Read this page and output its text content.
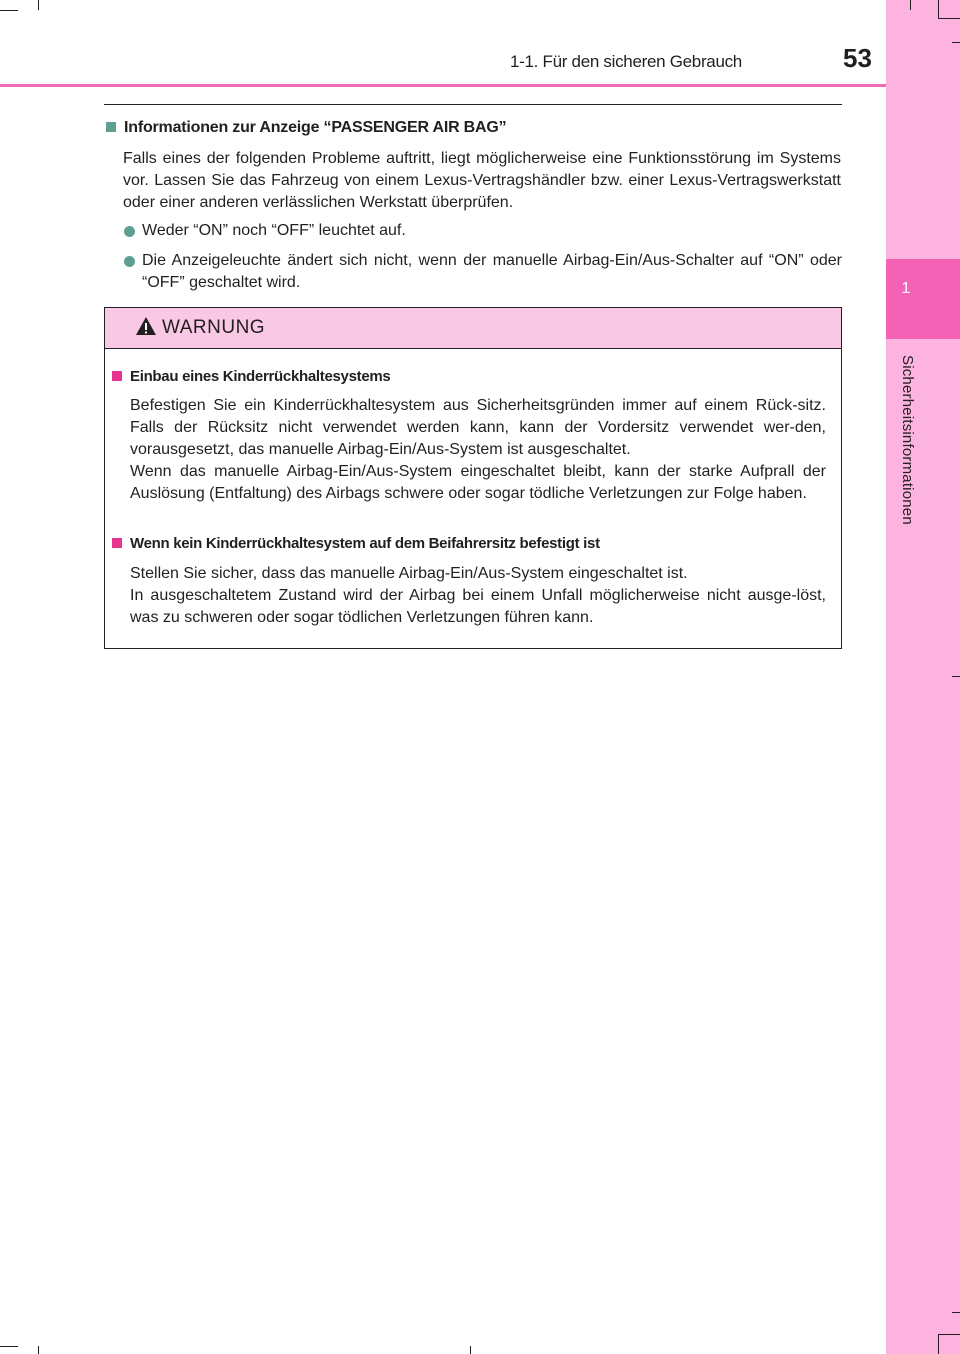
1
Sicherheitsinformationen
1-1. Für den sicheren Gebrauch	53
Informationen zur Anzeige “PASSENGER AIR BAG”
Falls eines der folgenden Probleme auftritt, liegt möglicherweise eine Funktionsstörung im Systems vor. Lassen Sie das Fahrzeug von einem Lexus-Vertragshändler bzw. einer Lexus-Vertragswerkstatt oder einer anderen verlässlichen Werkstatt überprüfen.
Weder “ON” noch “OFF” leuchtet auf.
Die Anzeigeleuchte ändert sich nicht, wenn der manuelle Airbag-Ein/Aus-Schalter auf “ON” oder “OFF” geschaltet wird.
WARNUNG
Einbau eines Kinderrückhaltesystems
Befestigen Sie ein Kinderrückhaltesystem aus Sicherheitsgründen immer auf einem Rück-sitz. Falls der Rücksitz nicht verwendet werden kann, kann der Vordersitz verwendet wer-den, vorausgesetzt, das manuelle Airbag-Ein/Aus-System ist ausgeschaltet.
Wenn das manuelle Airbag-Ein/Aus-System eingeschaltet bleibt, kann der starke Aufprall der Auslösung (Entfaltung) des Airbags schwere oder sogar tödliche Verletzungen zur Folge haben.
Wenn kein Kinderrückhaltesystem auf dem Beifahrersitz befestigt ist
Stellen Sie sicher, dass das manuelle Airbag-Ein/Aus-System eingeschaltet ist.
In ausgeschaltetem Zustand wird der Airbag bei einem Unfall möglicherweise nicht ausge-löst, was zu schweren oder sogar tödlichen Verletzungen führen kann.
